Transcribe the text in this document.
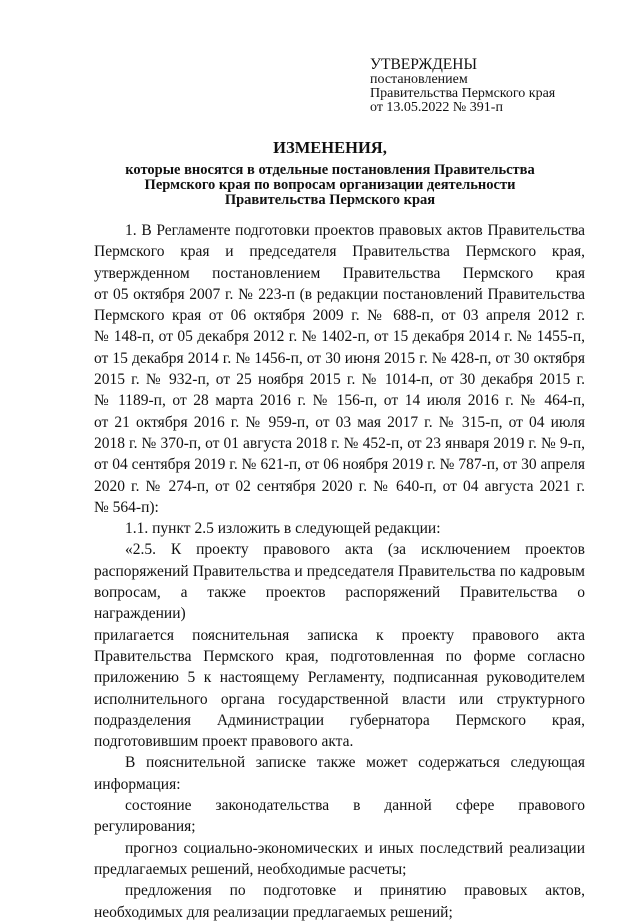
УТВЕРЖДЕНЫ
постановлением
Правительства Пермского края
от 13.05.2022 № 391-п
ИЗМЕНЕНИЯ,
которые вносятся в отдельные постановления Правительства
Пермского края по вопросам организации деятельности
Правительства Пермского края

1. В Регламенте подготовки проектов правовых актов Правительства

Пермского края и председателя Правительства Пермского края,

утвержденном постановлением Правительства Пермского края

от 05 октября 2007 г. № 223-п (в редакции постановлений Правительства

Пермского края от 06 октября 2009 г. № 688-п, от 03 апреля 2012 г.

№ 148-п, от 05 декабря 2012 г. № 1402-п, от 15 декабря 2014 г. № 1455-п,

от 15 декабря 2014 г. № 1456-п, от 30 июня 2015 г. № 428-п, от 30 октября

2015 г. № 932-п, от 25 ноября 2015 г. № 1014-п, от 30 декабря 2015 г.

№ 1189-п, от 28 марта 2016 г. № 156-п, от 14 июля 2016 г. № 464-п,

от 21 октября 2016 г. № 959-п, от 03 мая 2017 г. № 315-п, от 04 июля

2018 г. № 370-п, от 01 августа 2018 г. № 452-п, от 23 января 2019 г. № 9-п,

от 04 сентября 2019 г. № 621-п, от 06 ноября 2019 г. № 787-п, от 30 апреля

2020 г. № 274-п, от 02 сентября 2020 г. № 640-п, от 04 августа 2021 г.

№ 564-п):

1.1. пункт 2.5 изложить в следующей редакции:

«2.5. К проекту правового акта (за исключением проектов

распоряжений Правительства и председателя Правительства по кадровым

вопросам, а также проектов распоряжений Правительства о награждении)

прилагается пояснительная записка к проекту правового акта

Правительства Пермского края, подготовленная по форме согласно

приложению 5 к настоящему Регламенту, подписанная руководителем

исполнительного органа государственной власти или структурного

подразделения Администрации губернатора Пермского края,

подготовившим проект правового акта.

В пояснительной записке также может содержаться следующая

информация:

состояние законодательства в данной сфере правового регулирования;

прогноз социально-экономических и иных последствий реализации

предлагаемых решений, необходимые расчеты;

предложения по подготовке и принятию правовых актов,

необходимых для реализации предлагаемых решений;
